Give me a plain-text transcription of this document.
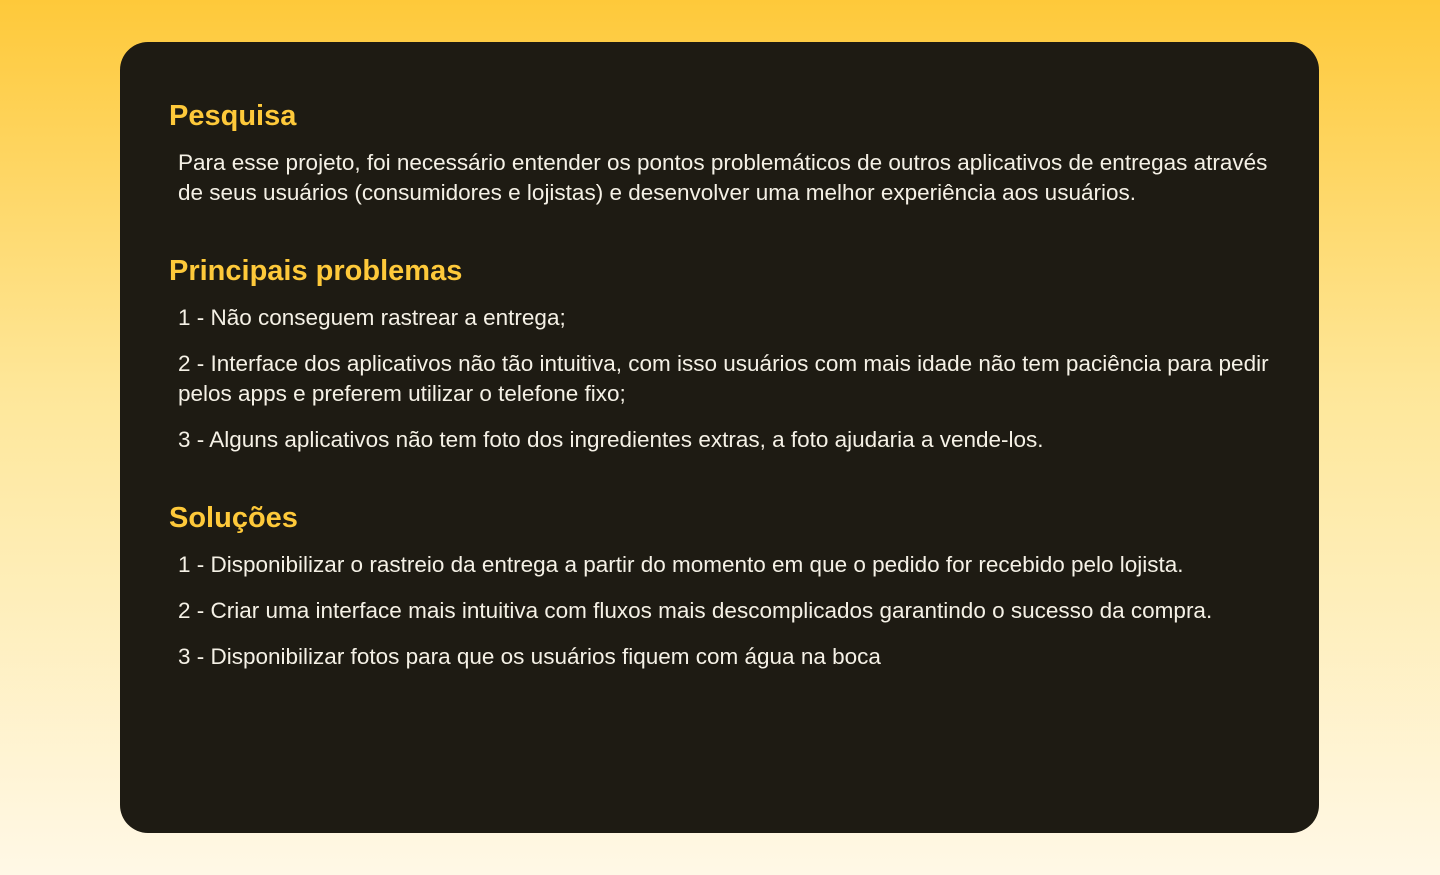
Pesquisa

Para esse projeto, foi necessário entender os pontos problemáticos de outros aplicativos de entregas através de seus usuários (consumidores e lojistas) e desenvolver uma melhor experiência aos usuários.

Principais problemas
1 - Não conseguem rastrear a entrega;
2 - Interface dos aplicativos não tão intuitiva, com isso usuários com mais idade não tem paciência para pedir pelos apps e preferem utilizar o telefone fixo;
3 - Alguns aplicativos não tem foto dos ingredientes extras, a foto ajudaria a vende-los.
Soluções
1 - Disponibilizar o rastreio da entrega a partir do momento em que o pedido for recebido pelo lojista.
2 - Criar uma interface mais intuitiva com fluxos mais descomplicados garantindo o sucesso da compra.
3 - Disponibilizar fotos para que os usuários fiquem com água na boca
